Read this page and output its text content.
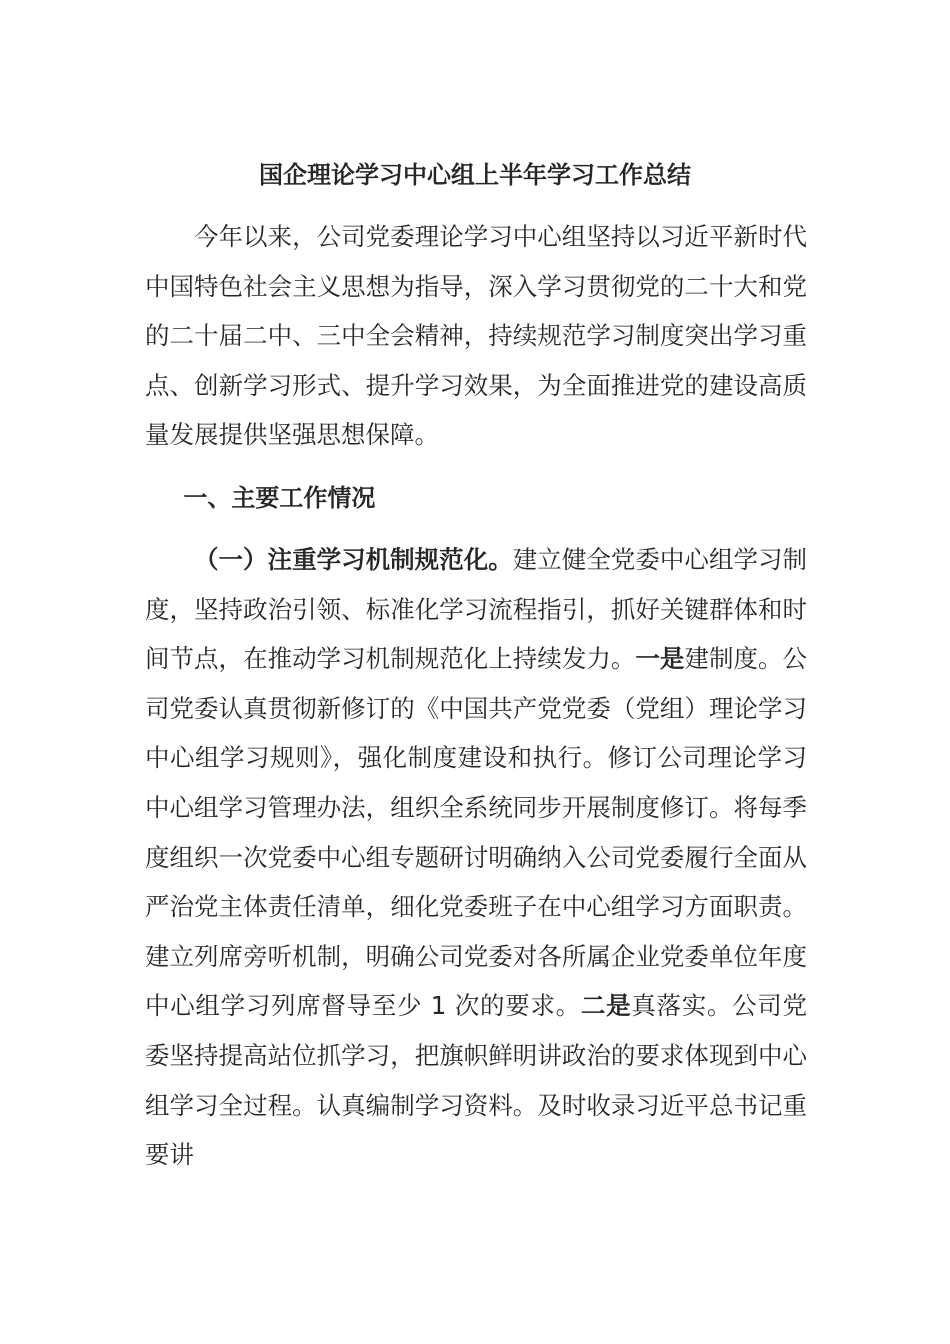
国企理论学习中心组上半年学习工作总结
今年以来，公司党委理论学习中心组坚持以习近平新时代中国特色社会主义思想为指导，深入学习贯彻党的二十大和党的二十届二中、三中全会精神，持续规范学习制度突出学习重点、创新学习形式、提升学习效果，为全面推进党的建设高质量发展提供坚强思想保障。
一、主要工作情况
（一）注重学习机制规范化。建立健全党委中心组学习制度，坚持政治引领、标准化学习流程指引，抓好关键群体和时间节点，在推动学习机制规范化上持续发力。一是建制度。公司党委认真贯彻新修订的《中国共产党党委（党组）理论学习中心组学习规则》，强化制度建设和执行。修订公司理论学习中心组学习管理办法，组织全系统同步开展制度修订。将每季度组织一次党委中心组专题研讨明确纳入公司党委履行全面从严治党主体责任清单，细化党委班子在中心组学习方面职责。建立列席旁听机制，明确公司党委对各所属企业党委单位年度中心组学习列席督导至少 1 次的要求。二是真落实。公司党委坚持提高站位抓学习，把旗帜鲜明讲政治的要求体现到中心组学习全过程。认真编制学习资料。及时收录习近平总书记重要讲
